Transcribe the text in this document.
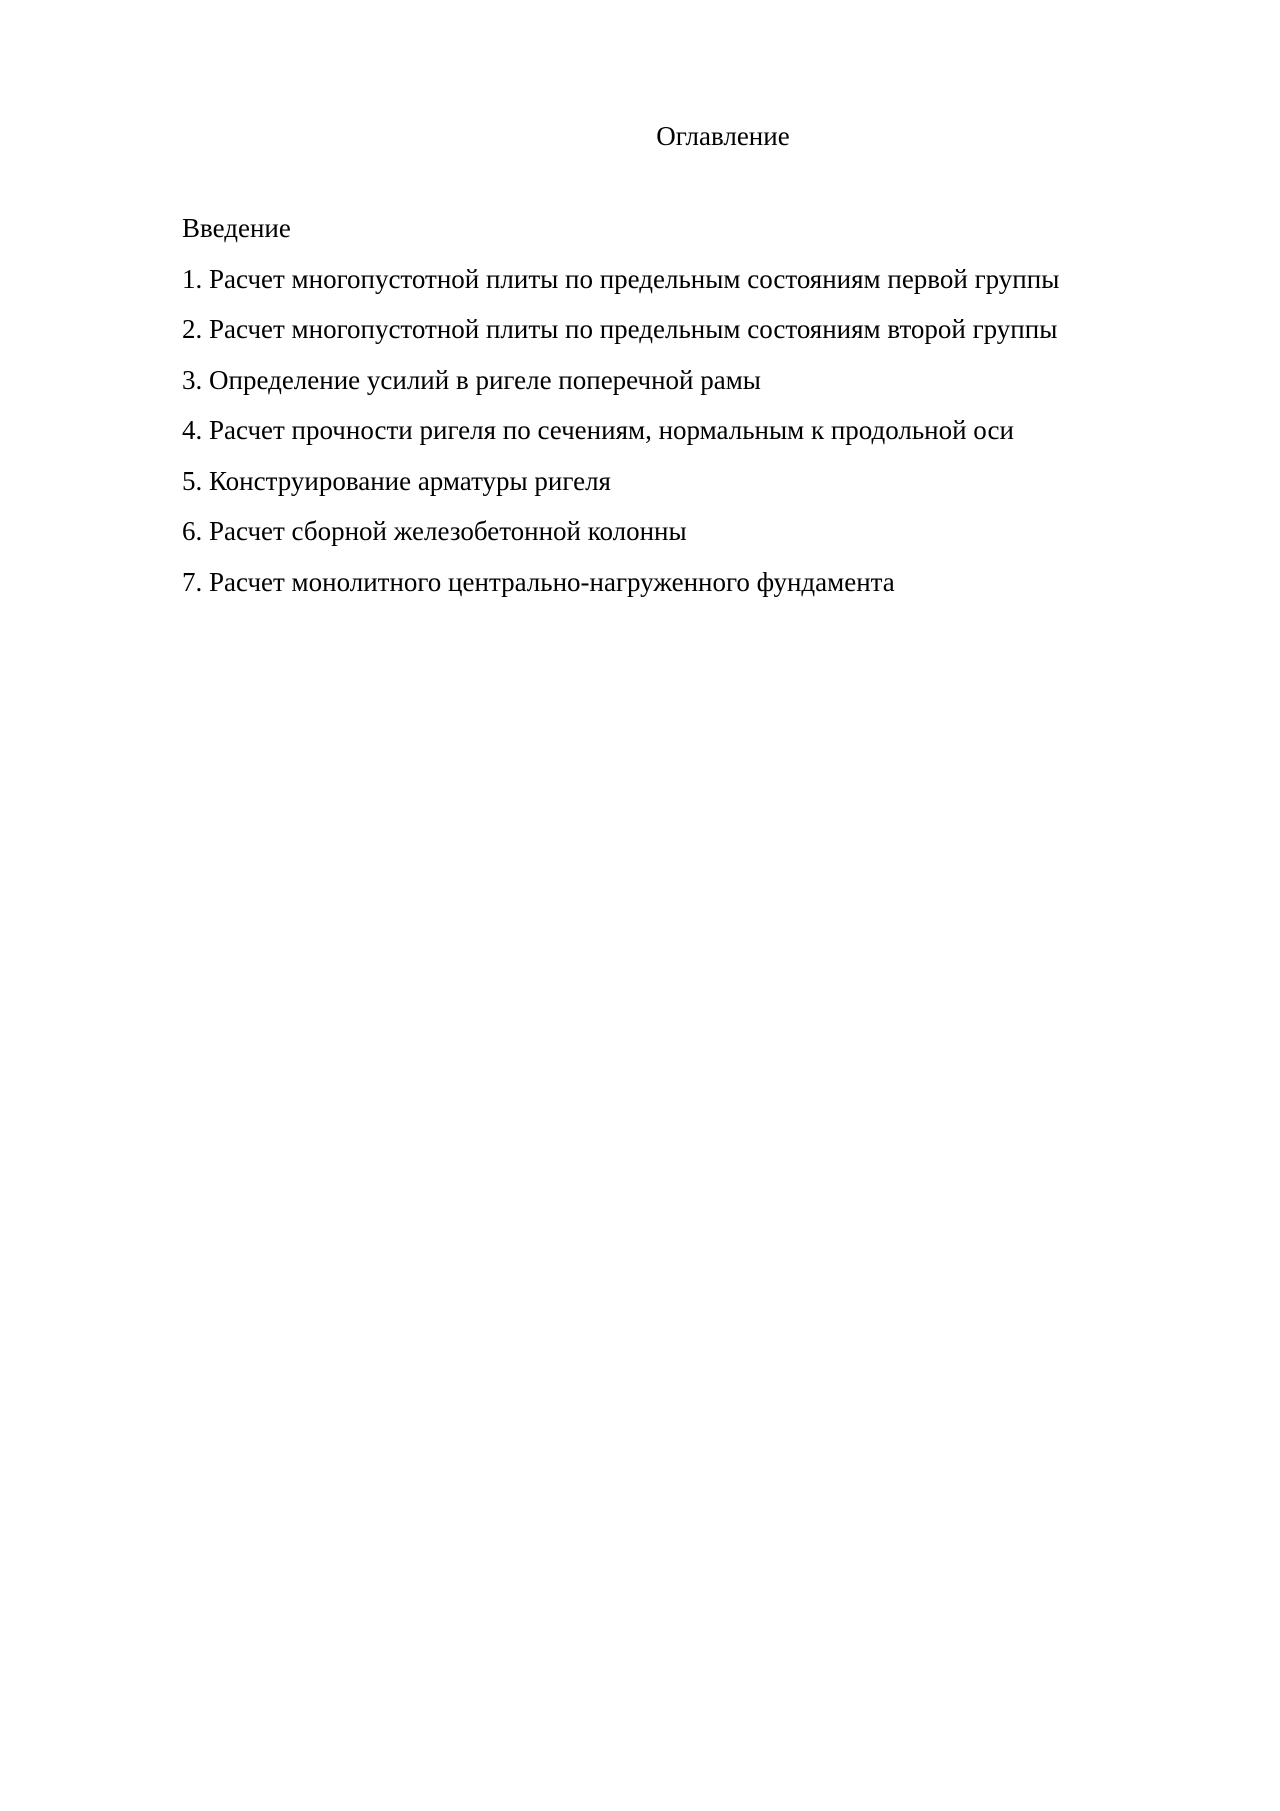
Оглавление
Введение
1. Расчет многопустотной плиты по предельным состояниям первой группы
2. Расчет многопустотной плиты по предельным состояниям второй группы
3. Определение усилий в ригеле поперечной рамы
4. Расчет прочности ригеля по сечениям, нормальным к продольной оси
5. Конструирование арматуры ригеля
6. Расчет сборной железобетонной колонны
7. Расчет монолитного центрально-нагруженного фундамента
